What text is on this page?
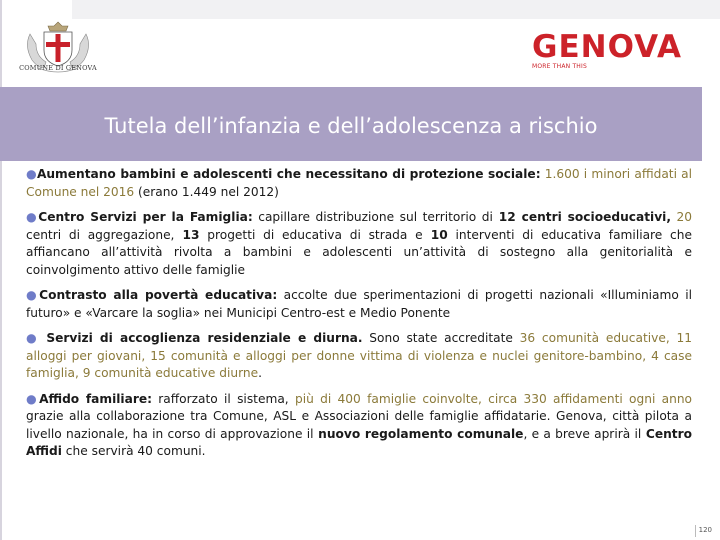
COMUNE DI GENOVA
GENOVA
MORE THAN THIS
Tutela dell’infanzia e dell’adolescenza a rischio

●Aumentano bambini e adolescenti che necessitano di protezione sociale: 1.600 i minori affidati al Comune nel 2016 (erano 1.449 nel 2012)

●Centro Servizi per la Famiglia: capillare distribuzione sul territorio di 12 centri socioeducativi, 20 centri di aggregazione, 13 progetti di educativa di strada e 10 interventi di educativa familiare che affiancano all’attività rivolta a bambini e adolescenti un’attività di sostegno alla genitorialità e coinvolgimento attivo delle famiglie

●Contrasto alla povertà educativa: accolte due sperimentazioni di progetti nazionali «Illuminiamo il futuro» e «Varcare la soglia» nei Municipi Centro-est e Medio Ponente

● Servizi di accoglienza residenziale e diurna. Sono state accreditate 36 comunità educative, 11 alloggi per giovani, 15 comunità e alloggi per donne vittima di violenza e nuclei genitore-bambino, 4 case famiglia, 9 comunità educative diurne.

●Affido familiare: rafforzato il sistema, più di 400 famiglie coinvolte, circa 330 affidamenti ogni anno grazie alla collaborazione tra Comune, ASL e Associazioni delle famiglie affidatarie. Genova, città pilota a livello nazionale, ha in corso di approvazione il nuovo regolamento comunale, e a breve aprirà il Centro Affidi che servirà 40 comuni.

120
